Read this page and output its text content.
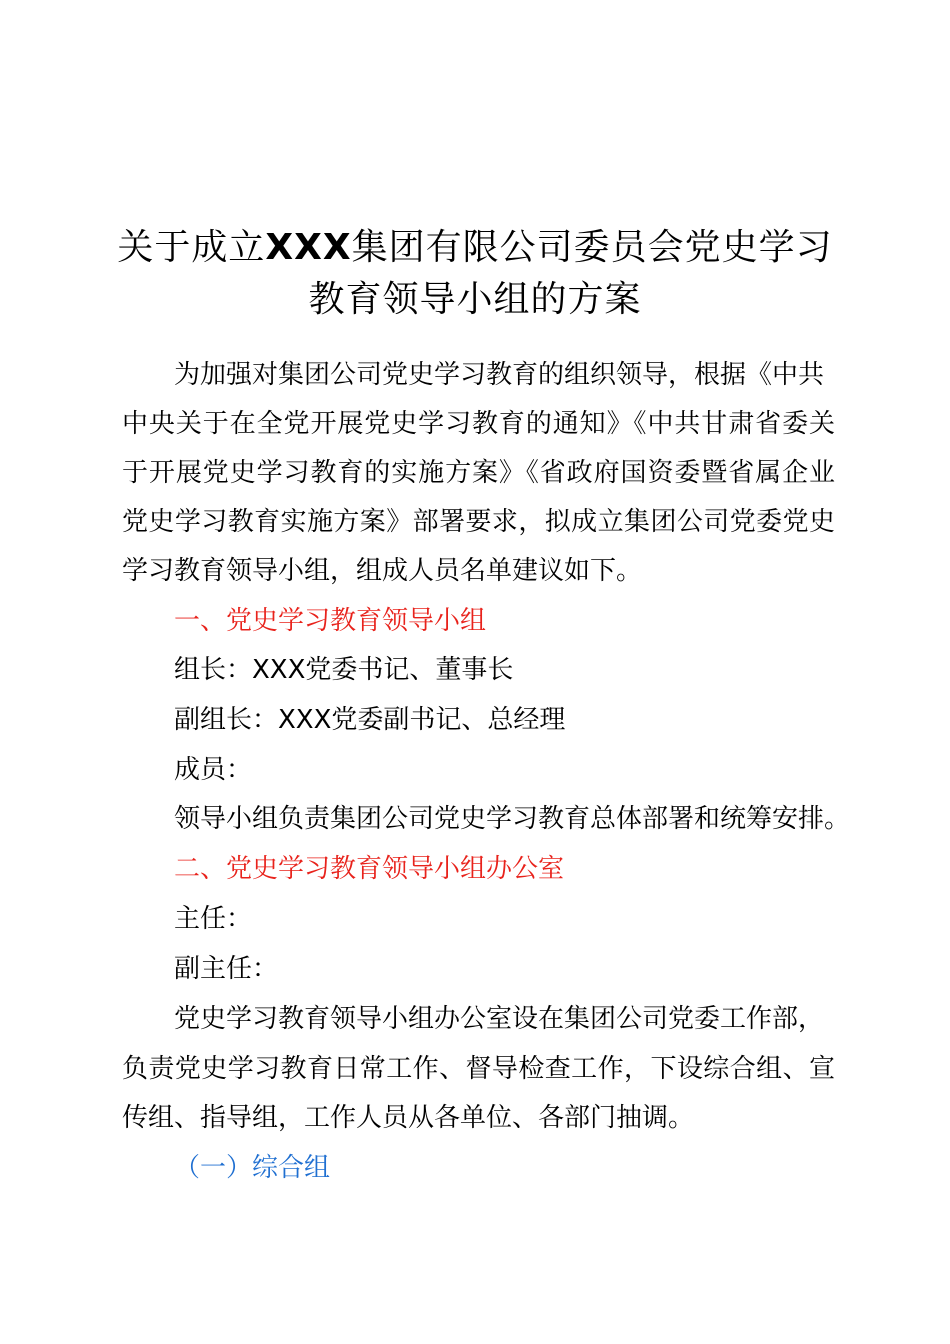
关于成立XXX集团有限公司委员会党史学习
教育领导小组的方案
为加强对集团公司党史学习教育的组织领导，根据《中共
中央关于在全党开展党史学习教育的通知》《中共甘肃省委关
于开展党史学习教育的实施方案》《省政府国资委暨省属企业
党史学习教育实施方案》部署要求，拟成立集团公司党委党史
学习教育领导小组，组成人员名单建议如下。
一、党史学习教育领导小组
组长：XXX党委书记、董事长
副组长：XXX党委副书记、总经理
成员：
领导小组负责集团公司党史学习教育总体部署和统筹安排。
二、党史学习教育领导小组办公室
主任：
副主任：
党史学习教育领导小组办公室设在集团公司党委工作部，
负责党史学习教育日常工作、督导检查工作，下设综合组、宣
传组、指导组，工作人员从各单位、各部门抽调。
（一）综合组
